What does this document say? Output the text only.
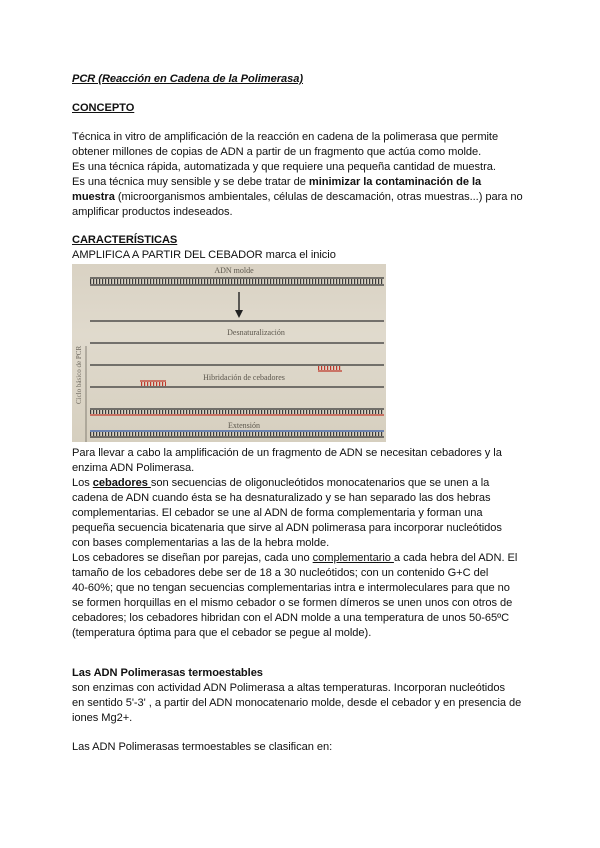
PCR (Reacción en Cadena de la Polimerasa)

CONCEPTO

Técnica in vitro de amplificación de la reacción en cadena de la polimerasa que permite

obtener millones de copias de ADN a partir de un fragmento que actúa como molde.

Es una técnica rápida, automatizada y que requiere una pequeña cantidad de muestra.

Es una técnica muy sensible y se debe tratar de minimizar la contaminación de la

muestra (microorganismos ambientales, células de descamación, otras muestras...) para no

amplificar productos indeseados.

CARACTERÍSTICAS

AMPLIFICA A PARTIR DEL CEBADOR marca el inicio

Ciclo básico de PCR
ADN molde
Desnaturalización
Hibridación de cebadores
Extensión

Para llevar a cabo la amplificación de un fragmento de ADN se necesitan cebadores y la

enzima ADN Polimerasa.

Los cebadores son secuencias de oligonucleótidos monocatenarios que se unen a la

cadena de ADN cuando ésta se ha desnaturalizado y se han separado las dos hebras

complementarias. El cebador se une al ADN de forma complementaria y forman una

pequeña secuencia bicatenaria que sirve al ADN polimerasa para incorporar nucleótidos

con bases complementarias a las de la hebra molde.

Los cebadores se diseñan por parejas, cada uno complementario a cada hebra del ADN. El

tamaño de los cebadores debe ser de 18 a 30 nucleótidos; con un contenido G+C del

40-60%; que no tengan secuencias complementarias intra e intermoleculares para que no

se formen horquillas en el mismo cebador o se formen dímeros se unen unos con otros de

cebadores; los cebadores hibridan con el ADN molde a una temperatura de unos 50-65ºC

(temperatura óptima para que el cebador se pegue al molde).

Las ADN Polimerasas termoestables

son enzimas con actividad ADN Polimerasa a altas temperaturas. Incorporan nucleótidos

en sentido 5'-3' , a partir del ADN monocatenario molde, desde el cebador y en presencia de

iones Mg2+.

Las ADN Polimerasas termoestables se clasifican en:
